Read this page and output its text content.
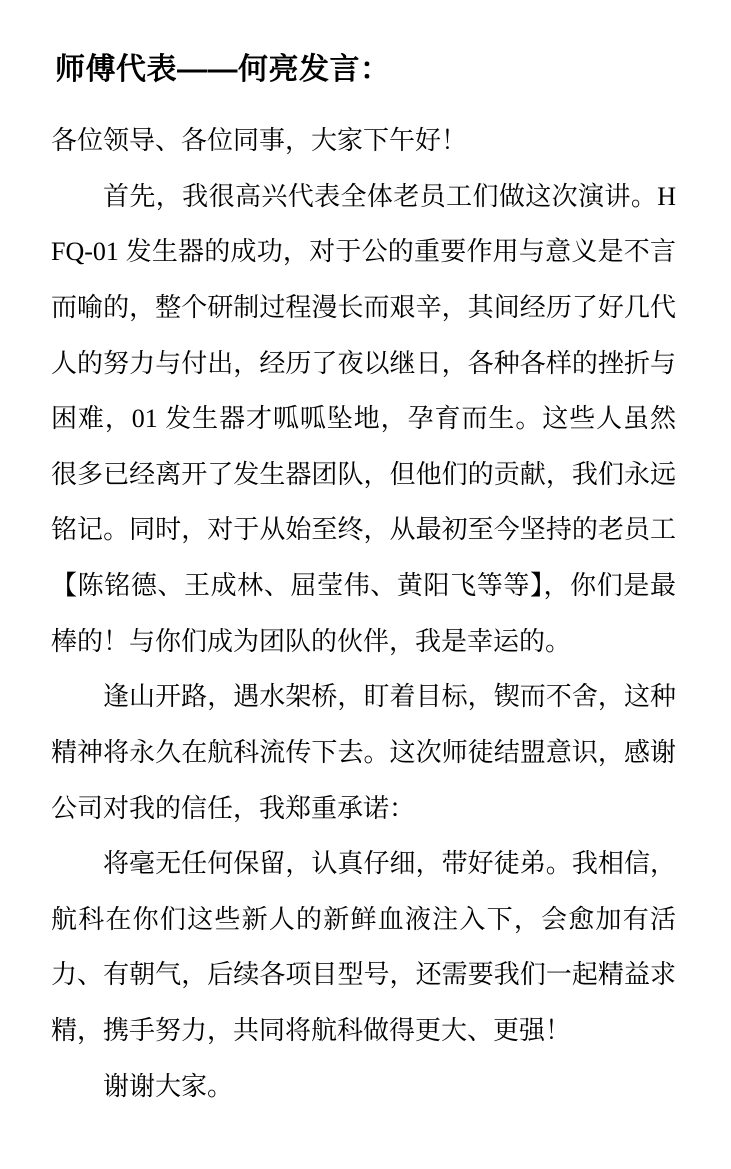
师傅代表——何亮发言：

各位领导、各位同事，大家下午好！

首先，我很高兴代表全体老员工们做这次演讲。HFQ-01 发生器的成功，对于公的重要作用与意义是不言而喻的，整个研制过程漫长而艰辛，其间经历了好几代人的努力与付出，经历了夜以继日，各种各样的挫折与困难，01 发生器才呱呱坠地，孕育而生。这些人虽然很多已经离开了发生器团队，但他们的贡献，我们永远铭记。同时，对于从始至终，从最初至今坚持的老员工【陈铭德、王成林、屈莹伟、黄阳飞等等】，你们是最棒的！与你们成为团队的伙伴，我是幸运的。

逢山开路，遇水架桥，盯着目标，锲而不舍，这种精神将永久在航科流传下去。这次师徒结盟意识，感谢公司对我的信任，我郑重承诺：

将毫无任何保留，认真仔细，带好徒弟。我相信，航科在你们这些新人的新鲜血液注入下，会愈加有活力、有朝气，后续各项目型号，还需要我们一起精益求精，携手努力，共同将航科做得更大、更强！

谢谢大家。
